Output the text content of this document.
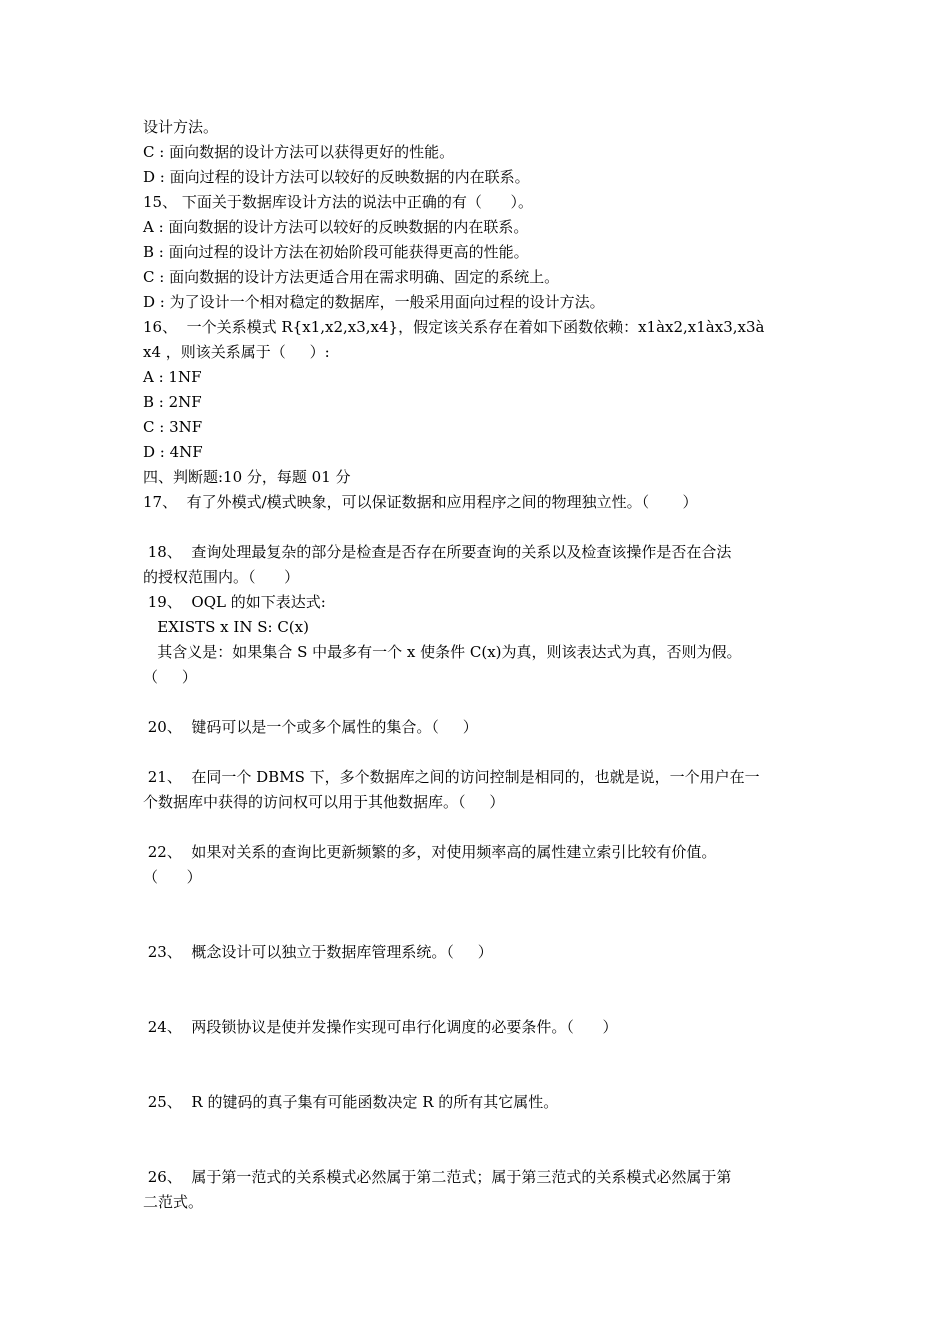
设计方法。
C : 面向数据的设计方法可以获得更好的性能。
D : 面向过程的设计方法可以较好的反映数据的内在联系。
15、 下面关于数据库设计方法的说法中正确的有（      ）。
A : 面向数据的设计方法可以较好的反映数据的内在联系。
B : 面向过程的设计方法在初始阶段可能获得更高的性能。
C : 面向数据的设计方法更适合用在需求明确、固定的系统上。
D : 为了设计一个相对稳定的数据库，一般采用面向过程的设计方法。
16、  一个关系模式 R{x1,x2,x3,x4}，假定该关系存在着如下函数依赖：x1àx2,x1àx3,x3à
x4 ，则该关系属于（     ）:
A : 1NF
B : 2NF
C : 3NF
D : 4NF
四、判断题:10 分，每题 01 分
17、  有了外模式/模式映象，可以保证数据和应用程序之间的物理独立性。（       ）
18、  查询处理最复杂的部分是检查是否存在所要查询的关系以及检查该操作是否在合法
的授权范围内。（      ）
19、  OQL 的如下表达式:
EXISTS x IN S: C(x)
其含义是：如果集合 S 中最多有一个 x 使条件 C(x)为真，则该表达式为真，否则为假。
（     ）
20、  键码可以是一个或多个属性的集合。（     ）
21、  在同一个 DBMS 下，多个数据库之间的访问控制是相同的，也就是说，一个用户在一
个数据库中获得的访问权可以用于其他数据库。（     ）
22、  如果对关系的查询比更新频繁的多，对使用频率高的属性建立索引比较有价值。
（      ）
23、  概念设计可以独立于数据库管理系统。（     ）
24、  两段锁协议是使并发操作实现可串行化调度的必要条件。（      ）
25、  R 的键码的真子集有可能函数决定 R 的所有其它属性。
26、  属于第一范式的关系模式必然属于第二范式；属于第三范式的关系模式必然属于第
二范式。
